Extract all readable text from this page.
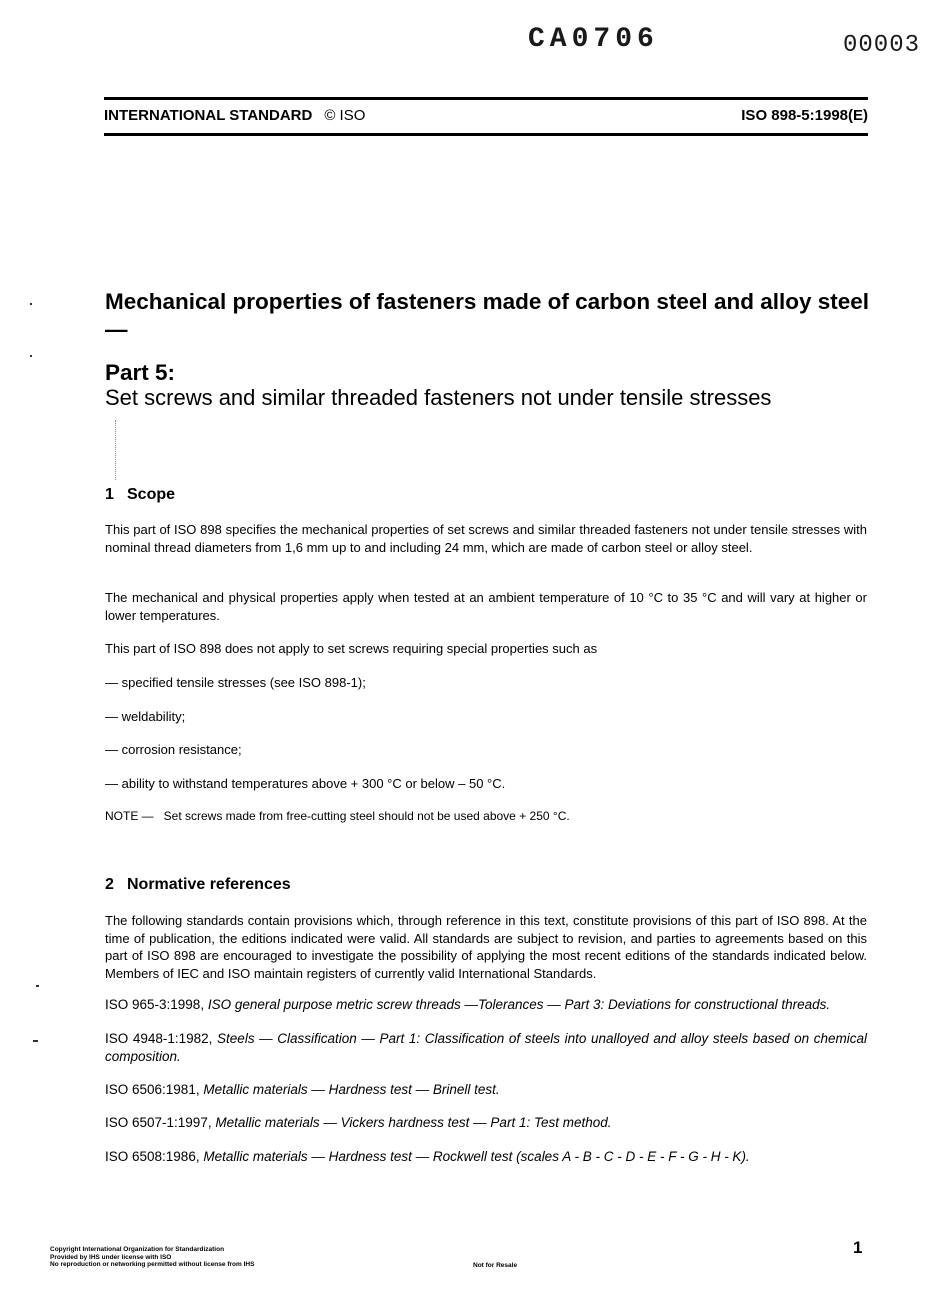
CA0706	00003
INTERNATIONAL STANDARD © ISO	ISO 898-5:1998(E)
Mechanical properties of fasteners made of carbon steel and alloy steel —
Part 5:
Set screws and similar threaded fasteners not under tensile stresses
1 Scope

This part of ISO 898 specifies the mechanical properties of set screws and similar threaded fasteners not under tensile stresses with nominal thread diameters from 1,6 mm up to and including 24 mm, which are made of carbon steel or alloy steel.

The mechanical and physical properties apply when tested at an ambient temperature of 10 °C to 35 °C and will vary at higher or lower temperatures.

This part of ISO 898 does not apply to set screws requiring special properties such as

— specified tensile stresses (see ISO 898-1);

— weldability;

— corrosion resistance;

— ability to withstand temperatures above + 300 °C or below – 50 °C.

NOTE —   Set screws made from free-cutting steel should not be used above + 250 °C.

2 Normative references

The following standards contain provisions which, through reference in this text, constitute provisions of this part of ISO 898. At the time of publication, the editions indicated were valid. All standards are subject to revision, and parties to agreements based on this part of ISO 898 are encouraged to investigate the possibility of applying the most recent editions of the standards indicated below. Members of IEC and ISO maintain registers of currently valid International Standards.

ISO 965-3:1998, ISO general purpose metric screw threads —Tolerances — Part 3: Deviations for constructional threads.

ISO 4948-1:1982, Steels — Classification — Part 1: Classification of steels into unalloyed and alloy steels based on chemical composition.

ISO 6506:1981, Metallic materials — Hardness test — Brinell test.

ISO 6507-1:1997, Metallic materials — Vickers hardness test — Part 1: Test method.

ISO 6508:1986, Metallic materials — Hardness test — Rockwell test (scales A - B - C - D - E - F - G - H - K).

Copyright International Organization for Standardization
Provided by IHS under license with ISO
No reproduction or networking permitted without license from IHS	Not for Resale
1
